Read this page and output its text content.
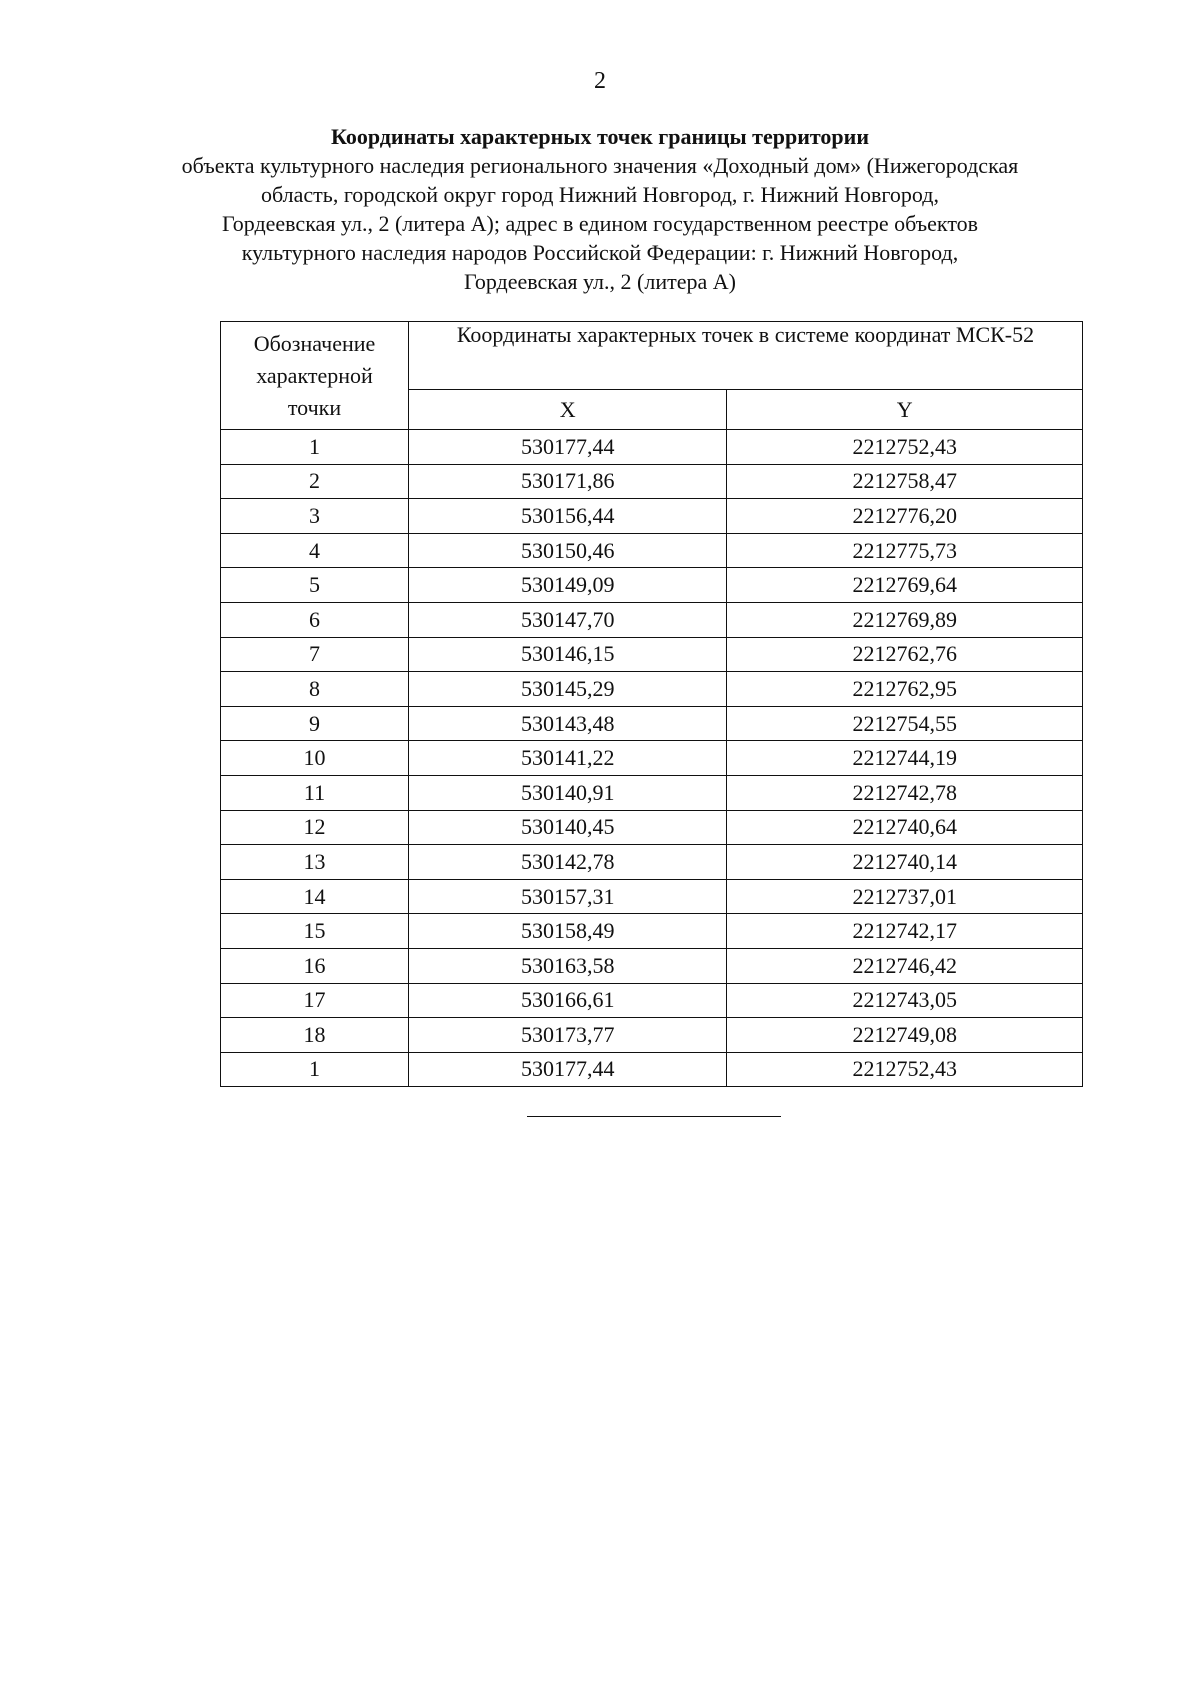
2
Координаты характерных точек границы территории
объекта культурного наследия регионального значения «Доходный дом» (Нижегородская
область, городской округ город Нижний Новгород, г. Нижний Новгород,
Гордеевская ул., 2 (литера А); адрес в едином государственном реестре объектов
культурного наследия народов Российской Федерации: г. Нижний Новгород,
Гордеевская ул., 2 (литера А)
Обозначение характерной точки	Координаты характерных точек в системе координат МСК-52	
	X	Y
1	530177,44	2212752,43
2	530171,86	2212758,47
3	530156,44	2212776,20
4	530150,46	2212775,73
5	530149,09	2212769,64
6	530147,70	2212769,89
7	530146,15	2212762,76
8	530145,29	2212762,95
9	530143,48	2212754,55
10	530141,22	2212744,19
11	530140,91	2212742,78
12	530140,45	2212740,64
13	530142,78	2212740,14
14	530157,31	2212737,01
15	530158,49	2212742,17
16	530163,58	2212746,42
17	530166,61	2212743,05
18	530173,77	2212749,08
1	530177,44	2212752,43
